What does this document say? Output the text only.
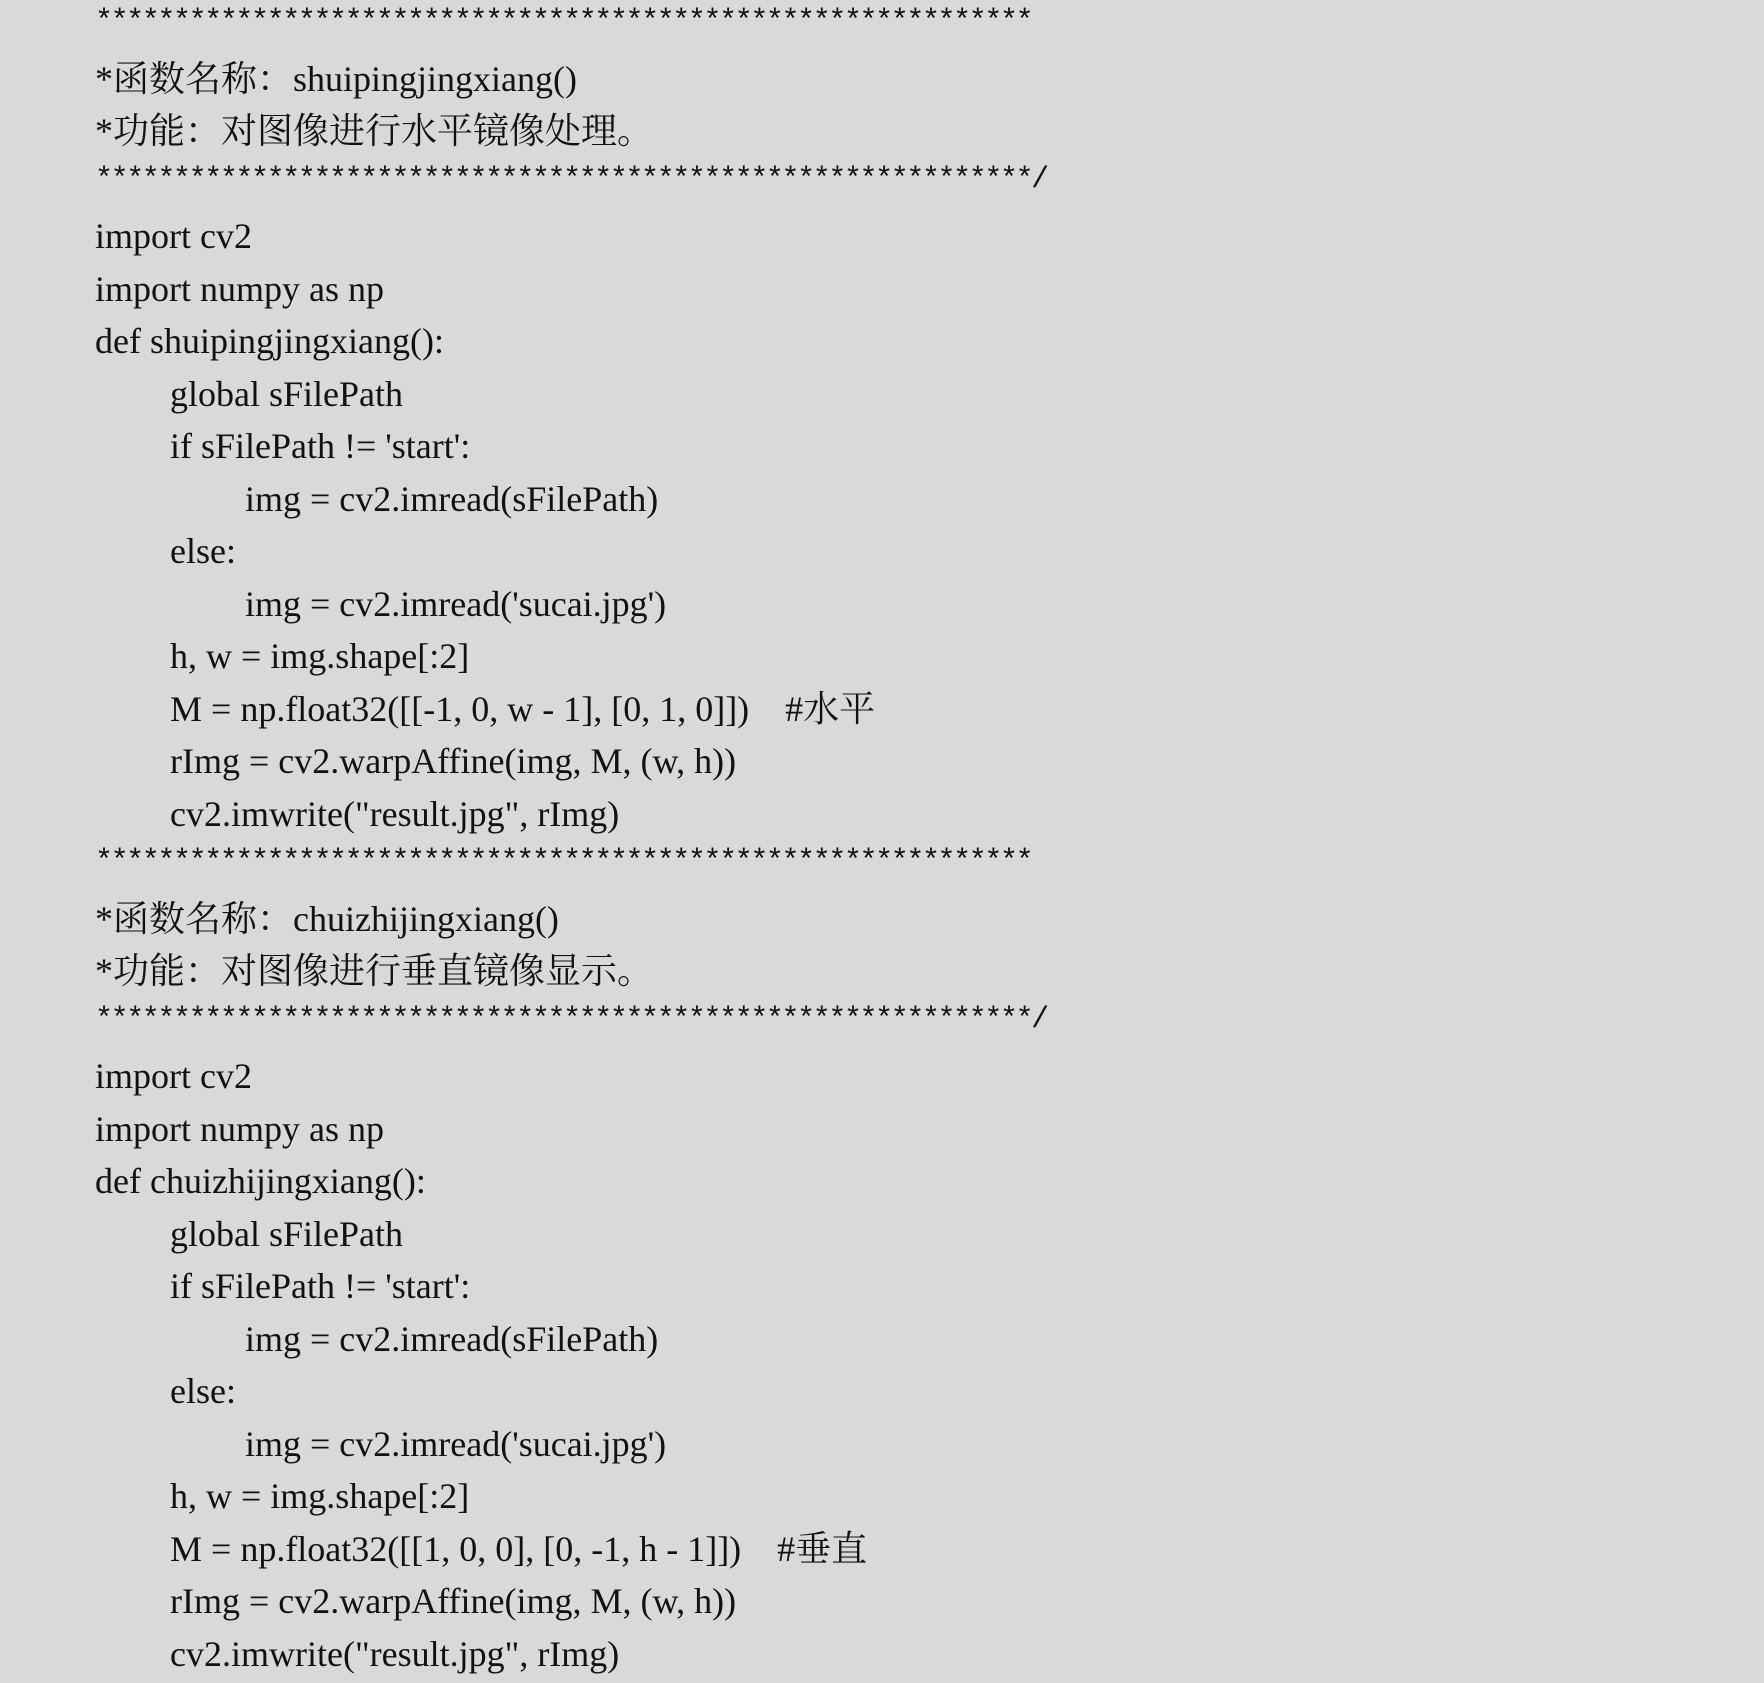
************************************************************
*函数名称：shuipingjingxiang()
*功能：对图像进行水平镜像处理。
************************************************************/
import cv2
import numpy as np
def shuipingjingxiang():
global sFilePath
if sFilePath != 'start':
img = cv2.imread(sFilePath)
else:
img = cv2.imread('sucai.jpg')
h, w = img.shape[:2]
M = np.float32([[-1, 0, w - 1], [0, 1, 0]])    #水平
rImg = cv2.warpAffine(img, M, (w, h))
cv2.imwrite("result.jpg", rImg)
************************************************************
*函数名称：chuizhijingxiang()
*功能：对图像进行垂直镜像显示。
************************************************************/
import cv2
import numpy as np
def chuizhijingxiang():
global sFilePath
if sFilePath != 'start':
img = cv2.imread(sFilePath)
else:
img = cv2.imread('sucai.jpg')
h, w = img.shape[:2]
M = np.float32([[1, 0, 0], [0, -1, h - 1]])    #垂直
rImg = cv2.warpAffine(img, M, (w, h))
cv2.imwrite("result.jpg", rImg)
